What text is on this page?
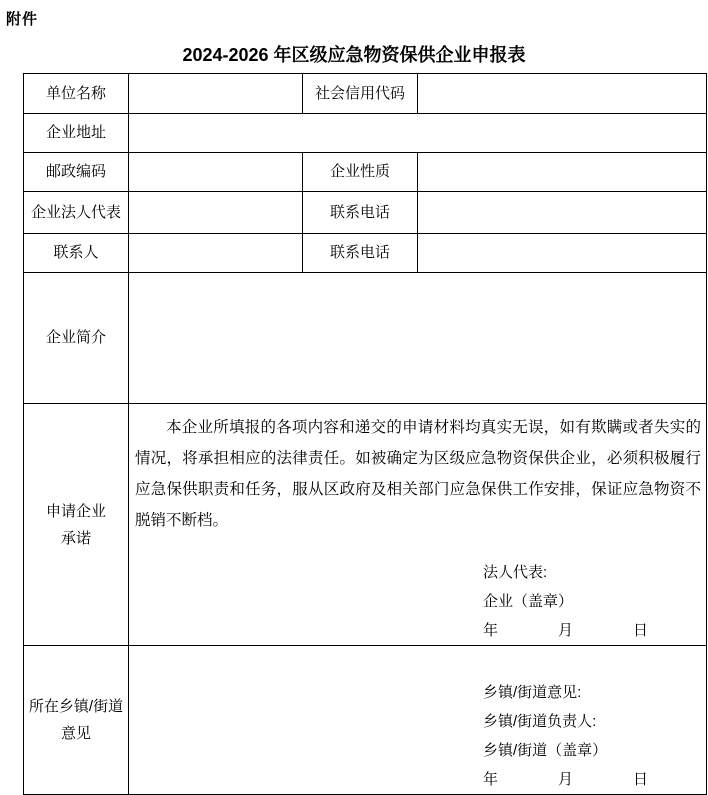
附件
2024-2026 年区级应急物资保供企业申报表
单位名称		社会信用代码	
企业地址			
邮政编码		企业性质	
企业法人代表		联系电话	
联系人		联系电话	
企业简介			

申请企业
承诺

本企业所填报的各项内容和递交的申请材料均真实无误，如有欺瞒或者失实的情况，将承担相应的法律责任。如被确定为区级应急物资保供企业，必须积极履行应急保供职责和任务，服从区政府及相关部门应急保供工作安排，保证应急物资不脱销不断档。

法人代表:
企业（盖章）
年　　　　月　　　　日

所在乡镇/街道
意见

乡镇/街道意见:
乡镇/街道负责人:
乡镇/街道（盖章）
年　　　　月　　　　日
